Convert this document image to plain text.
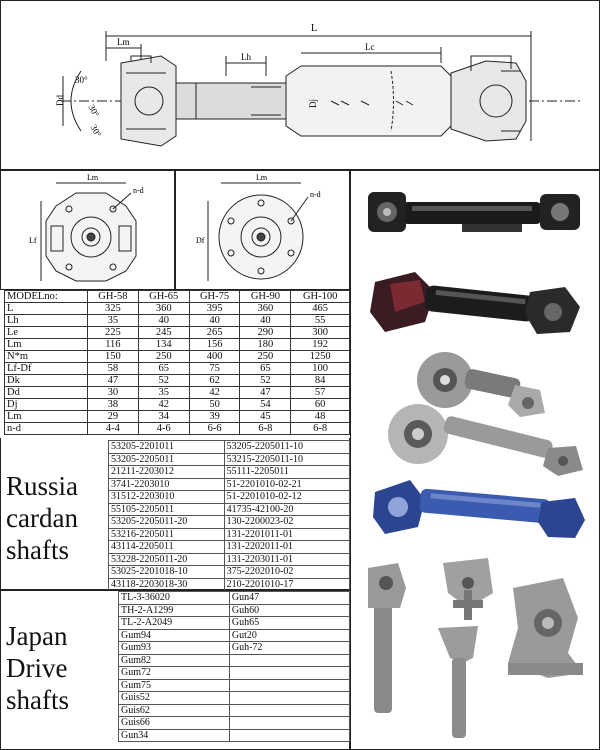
L
Lm
Lh
Lc
Dj
Dd
30°
30°
30°
Lm
n-d
Lf
Lm
n-d
Df
MODELno:	GH-58	GH-65	GH-75	GH-90	GH-100
L	325	360	395	360	465
Lh	35	40	40	40	55
Le	225	245	265	290	300
Lm	116	134	156	180	192
N*m	150	250	400	250	1250
Lf-Df	58	65	75	65	100
Dk	47	52	62	52	84
Dd	30	35	42	47	57
Dj	38	42	50	54	60
Lm	29	34	39	45	48
n-d	4-4	4-6	6-6	6-8	6-8
Russia
cardan
shafts
53205-2201011	53205-2205011-10
53205-2205011	53215-2205011-10
21211-2203012	55111-2205011
3741-2203010	51-2201010-02-21
31512-2203010	51-2201010-02-12
55105-2205011	41735-42100-20
53205-2205011-20	130-2200023-02
53216-2205011	131-2201011-01
43114-2205011	131-2202011-01
53228-2205011-20	131-2203011-01
53025-2201018-10	375-2202010-02
43118-2203018-30	210-2201010-17
Japan
Drive
shafts
TL-3-36020	Gun47
TH-2-A1299	Guh60
TL-2-A2049	Guh65
Gum94	Gut20
Gum93	Guh-72
Gum82	
Gum72	
Gum75	
Guis52	
Guis62	
Guis66	
Gun34	
